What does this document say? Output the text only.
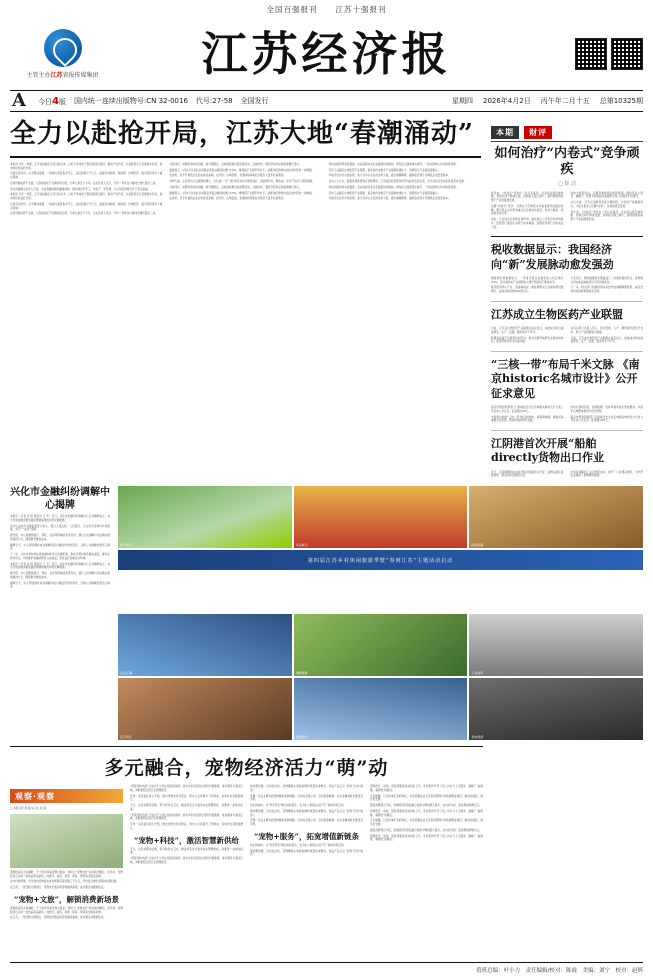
全国百强报刊 江苏十强报刊
主管主办江苏省报传媒集团	江苏经济报
A	今日4版 国内统一连续出版物号:CN 32-0016 代号:27-58 全国发行	星期四 2026年4月2日 丙午年二月十五 总第10325期
全力以赴抢开局，江苏大地“春潮涌动”

本报讯 今年一季度，江苏各地锚定全年目标任务，以时不我待的干劲抢抓项目建设、推动产业升级，全省经济运行呈现稳中有进、稳中向好的良好态势。

从南京到苏州，从无锡到南通，一批重大项目集中开工，总投资超过千亿元，涵盖先进制造、新能源、生物医药、数字经济等多个重点领域。

在常州新能源产业园，记者看到生产线满负荷运转，订单已排至下半年。企业负责人表示，今年一季度出口额同比增长超过三成。

省发改委相关负责人介绍，全省将继续强化要素保障，推动项目早开工、早投产、早见效，为全年经济增长打下坚实基础。

本报讯 今年一季度，江苏各地锚定全年目标任务，以时不我待的干劲抢抓项目建设、推动产业升级，全省经济运行呈现稳中有进、稳中向好的良好态势。

从南京到苏州，从无锡到南通，一批重大项目集中开工，总投资超过千亿元，涵盖先进制造、新能源、生物医药、数字经济等多个重点领域。

在常州新能源产业园，记者看到生产线满负荷运转，订单已排至下半年。企业负责人表示，今年一季度出口额同比增长超过三成。

与此同时，消费市场持续回暖。春节假期后，各地陆续推出促消费活动，文旅市场、餐饮零售均呈现快速增长势头。

数据显示，1至2月全省社会消费品零售总额同比增长5.8%，增速高于全国平均水平，消费对经济增长的拉动作用进一步增强。

在扬州，老字号餐饮企业迎来客流高峰；在苏州，古城夜游、非遗体验等新业态吸引大量年轻消费者。

外贸方面，全省进出口总额保持增长，对共建“一带一路”国家进出口增势良好，新能源汽车、锂电池、光伏产品出口表现亮眼。

与此同时，消费市场持续回暖。春节假期后，各地陆续推出促消费活动，文旅市场、餐饮零售均呈现快速增长势头。

数据显示，1至2月全省社会消费品零售总额同比增长5.8%，增速高于全国平均水平，消费对经济增长的拉动作用进一步增强。

在扬州，老字号餐饮企业迎来客流高峰；在苏州，古城夜游、非遗体验等新业态吸引大量年轻消费者。

科技创新同样动能强劲。全省高新技术企业数量持续增加，研发投入强度稳步提升，一批关键核心技术取得突破。

苏州工业园区生物医药产业集群、南京软件谷数字产业集群加速壮大，创新链与产业链深度融合。

多地还出台针对性政策，加大对中小企业的支持力度，通过减税降费、融资贴息等方式降低企业经营成本。

业内人士认为，随着各项政策效应持续释放，江苏经济有望保持回升向好的发展态势，全年目标任务完成具备坚实支撑。

科技创新同样动能强劲。全省高新技术企业数量持续增加，研发投入强度稳步提升，一批关键核心技术取得突破。

苏州工业园区生物医药产业集群、南京软件谷数字产业集群加速壮大，创新链与产业链深度融合。

多地还出台针对性政策，加大对中小企业的支持力度，通过减税降费、融资贴息等方式降低企业经营成本。

本期 财评
如何治疗“内卷式”竞争顽疾
□ 崔 洁

近年来，“内卷式”竞争在一些行业蔓延，企业间以低价换份额，利润空间不断被压缩，创新投入随之减少，最终损害的是整个产业的健康发展。

治理“内卷式”竞争，关键在于打破低水平重复建设的路径依赖。要引导企业把竞争重点从价格转向质量、技术与服务，形成差异化优势。

同时，行业协会应发挥自律作用，推动建立公平有序的市场秩序；监管部门要加大对低于成本倾销、虚假宣传等行为的查处力度。

对地方政府而言，应摒弃唯规模论的政绩观，避免盲目上项目、铺摊子，把更多资源投向基础研究和公共服务平台建设。

从长远看，只有让创新者获得合理回报，让优质产能脱颖而出，才能从根本上化解“内卷”，实现高质量发展。

近年来，“内卷式”竞争在一些行业蔓延，企业间以低价换份额，利润空间不断被压缩，创新投入随之减少，最终损害的是整个产业的健康发展。

税收数据显示：我国经济向“新”发展脉动愈发强劲

增值税发票数据显示，一季度全国企业销售收入同比增长4.6%，其中高技术产业销售收入增长明显快于整体水平。

数字经济核心产业、装备制造业、新能源相关行业保持两位数增长，反映出经济结构持续优化。

专家表示，税收数据具有覆盖面广、时效性强的特点，能够较为真实地反映经济运行的冷暖变化。

下一步，相关部门将继续落实好结构性减税降费政策，重点支持科技创新和制造业发展。

江苏成立生物医药产业联盟

日前，江苏省生物医药产业联盟在南京成立，首批成员单位涵盖研发、生产、流通、服务等多个环节。

联盟将搭建产学研用协同平台，推动创新药械研发成果加快转化，促进资源共享与标准共建。

省有关部门负责人表示，将在用地、人才、融资等方面给予支持，助力产业集群做大做强。

日前，江苏省生物医药产业联盟在南京成立，首批成员单位涵盖研发、生产、流通、服务等多个环节。

“三核一带”布局千米文脉 《南京historic名城市设计》公开征求意见

南京市规划资源部门日前就历史文化名城相关城市设计方案公开征求公众意见，征求期为30天。

方案提出构建“三核一带”的空间结构，串联明城墙、秦淮河等重要文化资源，塑造连续的城市文脉。

同时对建筑高度、街巷肌理、色彩风貌等提出管控要求，以保护古城整体格局与历史风貌。

南京市规划资源部门日前就历史文化名城相关城市设计方案公开征求公众意见，征求期为30天。

江阴港首次开展“船舶directly货物出口作业

近日，江阴港顺利完成首次船边直提出口作业，货物从港区直接装船，通关时间压缩逾五成。

此举有效降低了企业物流成本，提升了口岸通关效率，为外贸企业提供了更便捷的通道。

兴化市金融纠纷调解中心揭牌

本报讯（记者 李 阳 通讯员 王 芳）近日，兴化市金融纠纷调解中心正式揭牌成立，将为当地金融消费者提供便捷高效的纠纷化解渠道。

该中心由地方金融监管部门牵头，联合人民法院、人民银行、行业协会等单位共同组建，实行“一站式”受理。

据介绍，中心将聚焦银行、保险、证券等领域的常见纠纷，通过人民调解与司法确认相衔接的方式，降低群众维权成本。

揭牌当天，中心即受理并成功调解多起小额信贷纠纷案件，当事人对调解结果表示满意。

下一步，兴化市将持续完善金融纠纷多元化解机制，推动矛盾纠纷化解在基层、解决在萌芽状态，切实维护金融消费者合法权益，营造良好金融生态环境。

本报讯（记者 李 阳 通讯员 王 芳）近日，兴化市金融纠纷调解中心正式揭牌成立，将为当地金融消费者提供便捷高效的纠纷化解渠道。

据介绍，中心将聚焦银行、保险、证券等领域的常见纠纷，通过人民调解与司法确认相衔接的方式，降低群众维权成本。

揭牌当天，中心即受理并成功调解多起小额信贷纠纷案件，当事人对调解结果表示满意。

春日放飞	书法展示	民俗表演
第四届江苏乡村休闲旅游季暨“春到江苏”主题活动启动
文艺汇演	田野踏青	人流如织
亲子同乐	校园活动	夜市经济
多元融合，宠物经济活力“萌”动
观察·观察

□ 本报记者 周 娴 实习生 张 颖

清晨的南京玄武湖畔，不少市民牵着宠物犬散步，草坪上“宠物友好”标识格外醒目。近年来，宠物经济正从单一的食品用品销售，向医疗、美容、寄养、保险、殡葬等全链条延伸。

业内机构预测，今年国内宠物相关市场规模有望突破三千亿元，年均复合增长率保持在两位数。

在江苏，一批宠物主题街区、宠物友好酒店和营地陆续涌现，成为假日消费新热点。

“宠物+文旅”，解锁消费新场景

清晨的南京玄武湖畔，不少市民牵着宠物犬散步，草坪上“宠物友好”标识格外醒目。近年来，宠物经济正从单一的食品用品销售，向医疗、美容、寄养、保险、殡葬等全链条延伸。

在江苏，一批宠物主题街区、宠物友好酒店和营地陆续涌现，成为假日消费新热点。

“带着宠物出游”已成为不少年轻家庭的选择。省内多家景区推出宠物专属通道、寄存服务与遛宠区域，并配套相应的卫生管理规范。

苏州一家民宿负责人介绍，推出宠物友好房型后，周末入住率提升了约两成，客单价也有明显增长。

不过，也有消费者反映，部分场所在卫生、噪音和安全方面仍存在管理短板，需要进一步细化标准。

“带着宠物出游”已成为不少年轻家庭的选择。省内多家景区推出宠物专属通道、寄存服务与遛宠区域，并配套相应的卫生管理规范。

苏州一家民宿负责人介绍，推出宠物友好房型后，周末入住率提升了约两成，客单价也有明显增长。

“宠物+科技”，激活智慧新供给

不过，也有消费者反映，部分场所在卫生、噪音和安全方面仍存在管理短板，需要进一步细化标准。

“带着宠物出游”已成为不少年轻家庭的选择。省内多家景区推出宠物专属通道、寄存服务与遛宠区域，并配套相应的卫生管理规范。

智能喂食器、自动饮水机、宠物摄像头等智能硬件销量快速增长，相关产品正从“尝鲜”走向“刚需”。

无锡一家企业研发的宠物健康监测项圈，可实时采集心率、活动量等数据，并生成健康报告推送至手机。

技术的加持，让“科学养宠”理念加快普及，也为本土制造企业打开了新的市场空间。

智能喂食器、自动饮水机、宠物摄像头等智能硬件销量快速增长，相关产品正从“尝鲜”走向“刚需”。

无锡一家企业研发的宠物健康监测项圈，可实时采集心率、活动量等数据，并生成健康报告推送至手机。

“宠物+服务”，拓宽增值新链条

技术的加持，让“科学养宠”理念加快普及，也为本土制造企业打开了新的市场空间。

智能喂食器、自动饮水机、宠物摄像头等智能硬件销量快速增长，相关产品正从“尝鲜”走向“刚需”。

宠物医疗、训练、保险等服务需求同步上升。多家机构开设了线上问诊与上门服务，缓解了“看病难、看病贵”的痛点。

专家提醒，行业快速扩张的同时，也需加强从业人员资质管理与价格透明度建设，推动标准化、规范化发展。

随着消费观念升级，宠物经济有望在融合创新中释放更大潜力，成为扩内需、促消费的新增长点。

宠物医疗、训练、保险等服务需求同步上升。多家机构开设了线上问诊与上门服务，缓解了“看病难、看病贵”的痛点。

专家提醒，行业快速扩张的同时，也需加强从业人员资质管理与价格透明度建设，推动标准化、规范化发展。

随着消费观念升级，宠物经济有望在融合创新中释放更大潜力，成为扩内需、促消费的新增长点。

宠物医疗、训练、保险等服务需求同步上升。多家机构开设了线上问诊与上门服务，缓解了“看病难、看病贵”的痛点。

值班总编：叶小力　责任编辑/校对：陈霞　美编：刘宁　校对：赵辉
